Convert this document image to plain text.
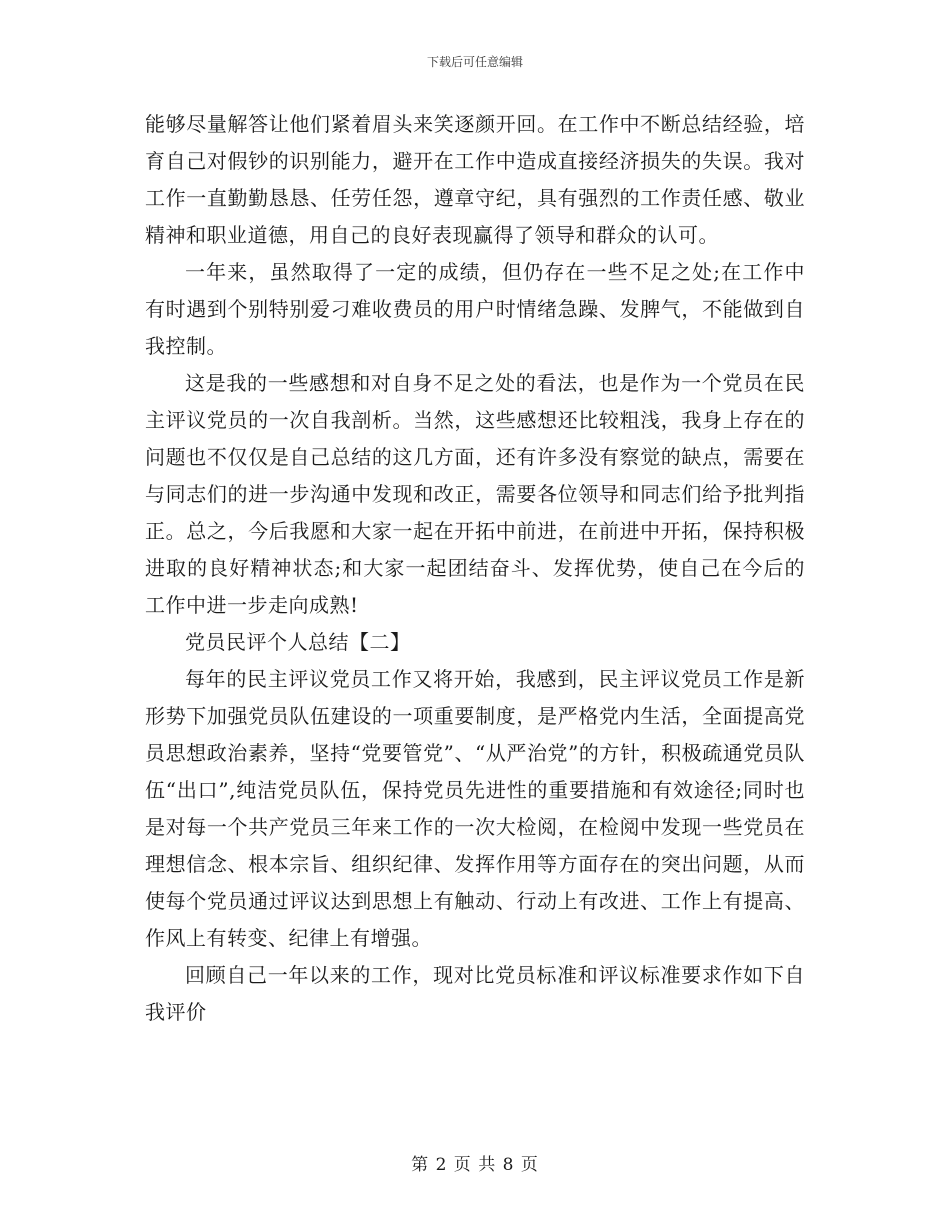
下载后可任意编辑

能够尽量解答让他们紧着眉头来笑逐颜开回。在工作中不断总结经验，培育自己对假钞的识别能力，避开在工作中造成直接经济损失的失误。我对工作一直勤勤恳恳、任劳任怨，遵章守纪，具有强烈的工作责任感、敬业精神和职业道德，用自己的良好表现赢得了领导和群众的认可。

一年来，虽然取得了一定的成绩，但仍存在一些不足之处;在工作中有时遇到个别特别爱刁难收费员的用户时情绪急躁、发脾气，不能做到自我控制。

这是我的一些感想和对自身不足之处的看法，也是作为一个党员在民主评议党员的一次自我剖析。当然，这些感想还比较粗浅，我身上存在的问题也不仅仅是自己总结的这几方面，还有许多没有察觉的缺点，需要在与同志们的进一步沟通中发现和改正，需要各位领导和同志们给予批判指正。总之，今后我愿和大家一起在开拓中前进，在前进中开拓，保持积极进取的良好精神状态;和大家一起团结奋斗、发挥优势，使自己在今后的工作中进一步走向成熟!

党员民评个人总结【二】

每年的民主评议党员工作又将开始，我感到，民主评议党员工作是新形势下加强党员队伍建设的一项重要制度，是严格党内生活，全面提高党员思想政治素养，坚持“党要管党”、“从严治党”的方针，积极疏通党员队伍“出口”,纯洁党员队伍，保持党员先进性的重要措施和有效途径;同时也是对每一个共产党员三年来工作的一次大检阅，在检阅中发现一些党员在理想信念、根本宗旨、组织纪律、发挥作用等方面存在的突出问题，从而使每个党员通过评议达到思想上有触动、行动上有改进、工作上有提高、作风上有转变、纪律上有增强。

回顾自己一年以来的工作，现对比党员标准和评议标准要求作如下自我评价

第 2 页 共 8 页
